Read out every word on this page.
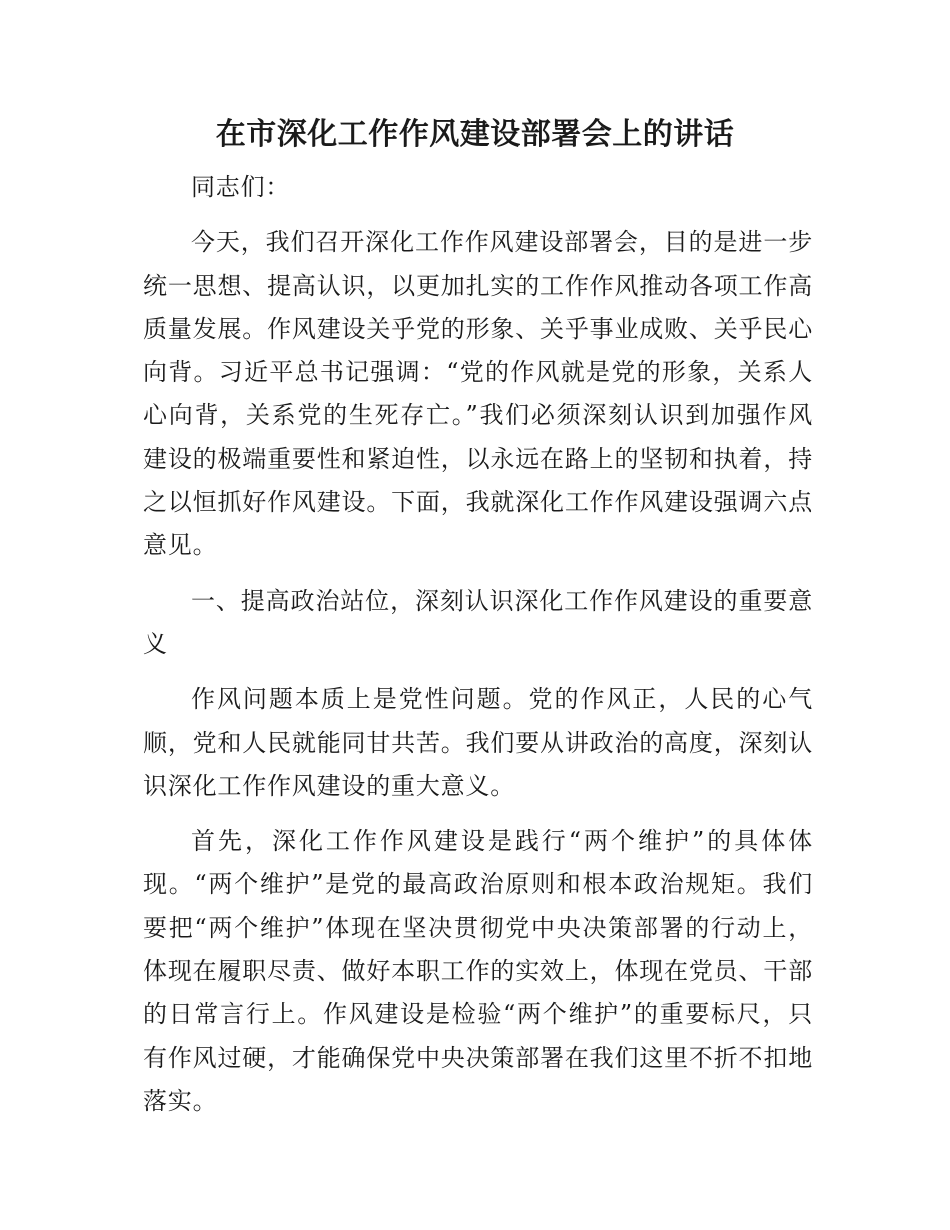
在市深化工作作风建设部署会上的讲话

同志们：

今天，我们召开深化工作作风建设部署会，目的是进一步统一思想、提高认识，以更加扎实的工作作风推动各项工作高质量发展。作风建设关乎党的形象、关乎事业成败、关乎民心向背。习近平总书记强调：“党的作风就是党的形象，关系人心向背，关系党的生死存亡。”我们必须深刻认识到加强作风建设的极端重要性和紧迫性，以永远在路上的坚韧和执着，持之以恒抓好作风建设。下面，我就深化工作作风建设强调六点意见。

一、提高政治站位，深刻认识深化工作作风建设的重要意义

作风问题本质上是党性问题。党的作风正，人民的心气顺，党和人民就能同甘共苦。我们要从讲政治的高度，深刻认识深化工作作风建设的重大意义。

首先，深化工作作风建设是践行“两个维护”的具体体现。“两个维护”是党的最高政治原则和根本政治规矩。我们要把“两个维护”体现在坚决贯彻党中央决策部署的行动上，体现在履职尽责、做好本职工作的实效上，体现在党员、干部的日常言行上。作风建设是检验“两个维护”的重要标尺，只有作风过硬，才能确保党中央决策部署在我们这里不折不扣地落实。
